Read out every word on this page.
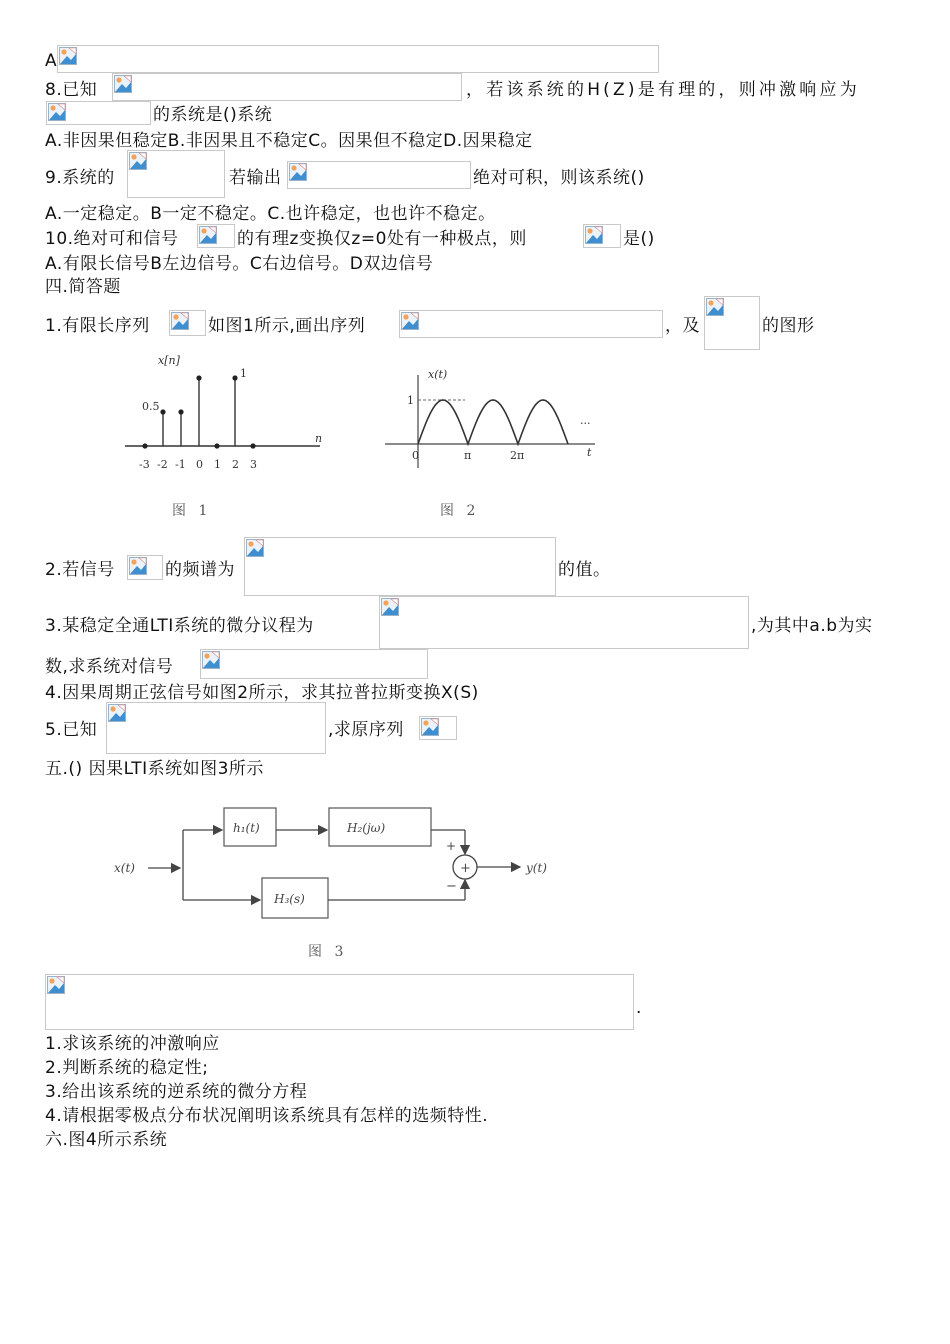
A
8.已知	，若该系统的H(Z)是有理的，则冲激响应为
的系统是()系统
A.非因果但稳定B.非因果且不稳定C。因果但不稳定D.因果稳定
9.系统的	若输出	绝对可积，则该系统()
A.一定稳定。B一定不稳定。C.也许稳定，也也许不稳定。
10.绝对可和信号	的有理z变换仅z=0处有一种极点，则	是()
A.有限长信号B左边信号。C右边信号。D双边信号
四.简答题
1.有限长序列	如图1所示,画出序列	，及	的图形
n
x[n]
-3 -2 -1 0 1 2 3
0.5
1
图 1
x(t)
1
0	π	2π	t
...
图 2
2.若信号	的频谱为	的值。
3.某稳定全通LTI系统的微分议程为	,为其中a.b为实
数,求系统对信号
4.因果周期正弦信号如图2所示，求其拉普拉斯变换X(S)
5.已知	,求原序列
五.() 因果LTI系统如图3所示
x(t)
h₁(t)	H₂(jω)
+
H₃(s)
−
+	y(t)
图 3
.
1.求该系统的冲激响应
2.判断系统的稳定性;
3.给出该系统的逆系统的微分方程
4.请根据零极点分布状况阐明该系统具有怎样的选频特性.
六.图4所示系统
